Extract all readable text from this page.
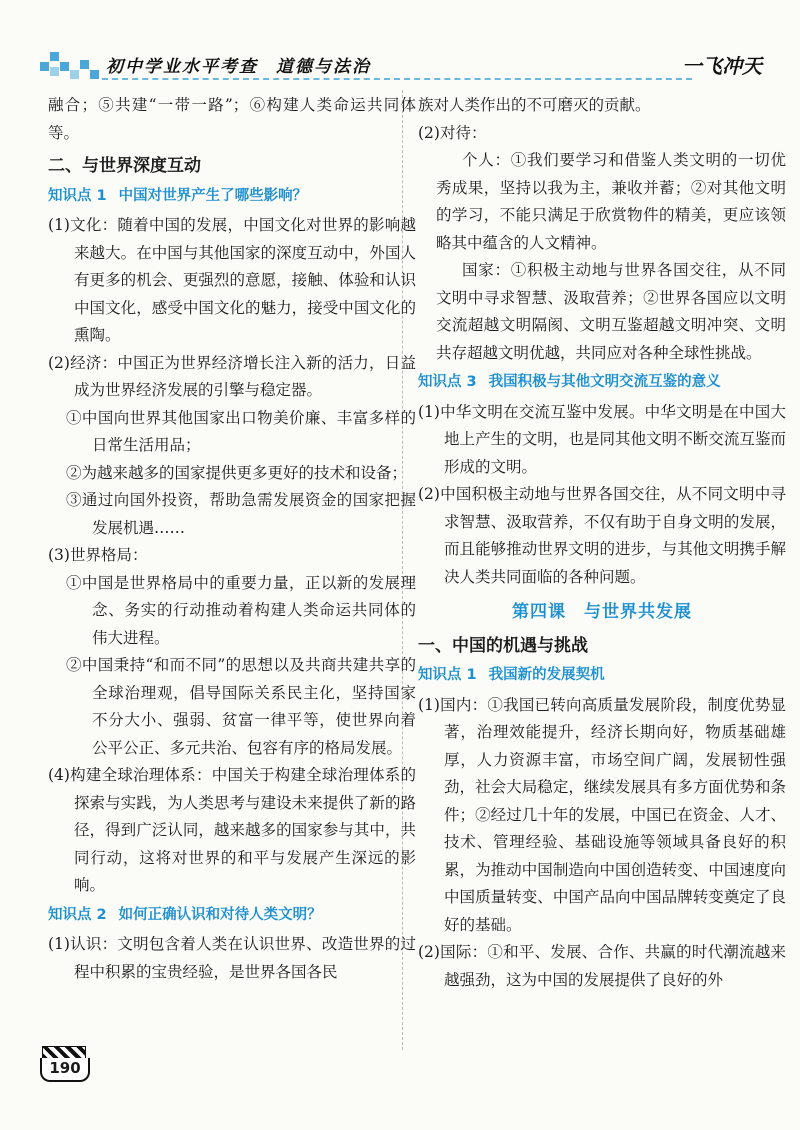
初中学业水平考查 道德与法治	一飞冲天
融合；⑤共建“一带一路”；⑥构建人类命运共同体等。
二、与世界深度互动
知识点 1 中国对世界产生了哪些影响？
(1)文化：随着中国的发展，中国文化对世界的影响越来越大。在中国与其他国家的深度互动中，外国人有更多的机会、更强烈的意愿，接触、体验和认识中国文化，感受中国文化的魅力，接受中国文化的熏陶。
(2)经济：中国正为世界经济增长注入新的活力，日益成为世界经济发展的引擎与稳定器。
①中国向世界其他国家出口物美价廉、丰富多样的日常生活用品；
②为越来越多的国家提供更多更好的技术和设备；
③通过向国外投资，帮助急需发展资金的国家把握发展机遇……
(3)世界格局：
①中国是世界格局中的重要力量，正以新的发展理念、务实的行动推动着构建人类命运共同体的伟大进程。
②中国秉持“和而不同”的思想以及共商共建共享的全球治理观，倡导国际关系民主化，坚持国家不分大小、强弱、贫富一律平等，使世界向着公平公正、多元共治、包容有序的格局发展。
(4)构建全球治理体系：中国关于构建全球治理体系的探索与实践，为人类思考与建设未来提供了新的路径，得到广泛认同，越来越多的国家参与其中，共同行动，这将对世界的和平与发展产生深远的影响。
知识点 2 如何正确认识和对待人类文明？
(1)认识：文明包含着人类在认识世界、改造世界的过程中积累的宝贵经验，是世界各国各民
族对人类作出的不可磨灭的贡献。
(2)对待：
个人：①我们要学习和借鉴人类文明的一切优秀成果，坚持以我为主，兼收并蓄；②对其他文明的学习，不能只满足于欣赏物件的精美，更应该领略其中蕴含的人文精神。
国家：①积极主动地与世界各国交往，从不同文明中寻求智慧、汲取营养；②世界各国应以文明交流超越文明隔阂、文明互鉴超越文明冲突、文明共存超越文明优越，共同应对各种全球性挑战。
知识点 3 我国积极与其他文明交流互鉴的意义
(1)中华文明在交流互鉴中发展。中华文明是在中国大地上产生的文明，也是同其他文明不断交流互鉴而形成的文明。
(2)中国积极主动地与世界各国交往，从不同文明中寻求智慧、汲取营养，不仅有助于自身文明的发展，而且能够推动世界文明的进步，与其他文明携手解决人类共同面临的各种问题。
第四课 与世界共发展
一、中国的机遇与挑战
知识点 1 我国新的发展契机
(1)国内：①我国已转向高质量发展阶段，制度优势显著，治理效能提升，经济长期向好，物质基础雄厚，人力资源丰富，市场空间广阔，发展韧性强劲，社会大局稳定，继续发展具有多方面优势和条件；②经过几十年的发展，中国已在资金、人才、技术、管理经验、基础设施等领域具备良好的积累，为推动中国制造向中国创造转变、中国速度向中国质量转变、中国产品向中国品牌转变奠定了良好的基础。
(2)国际：①和平、发展、合作、共赢的时代潮流越来越强劲，这为中国的发展提供了良好的外
190
